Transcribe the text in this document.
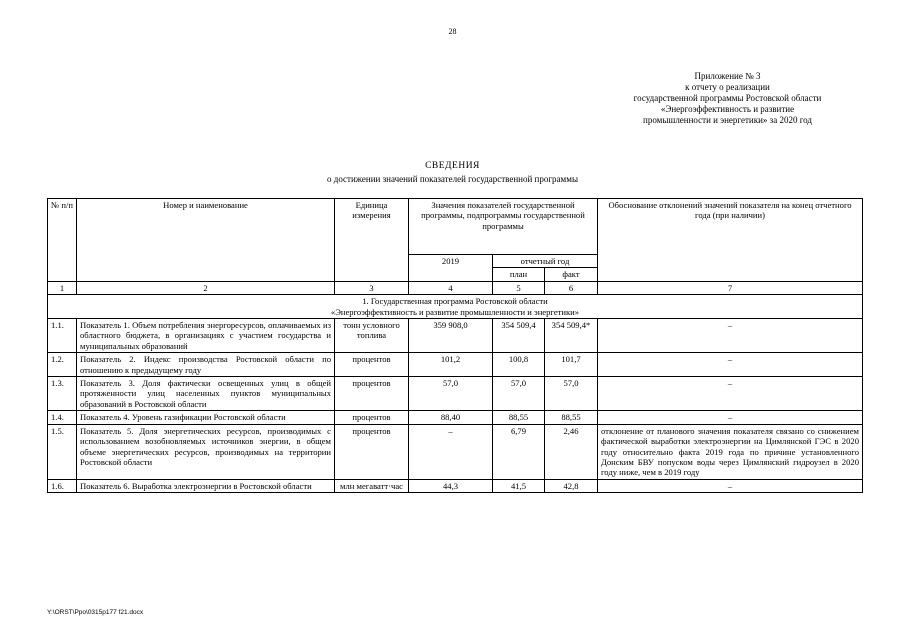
28
Приложение № 3
к отчету о реализации
государственной программы Ростовской области
«Энергоэффективность и развитие
промышленности и энергетики» за 2020 год
СВЕДЕНИЯ
о достижении значений показателей государственной программы
№ п/п	Номер и наименование	Единица измерения	Значения показателей государственной программы, подпрограммы государственной программы			Обоснование отклонений значений показателя на конец отчетного года (при наличии)
			2019	отчетный год		
				план	факт	
1	2	3	4	5	6	7

1. Государственная программа Ростовской области
«Энергоэффективность и развитие промышленности и энергетики»						

1.1.	Показатель 1. Объем потребления энергоресурсов, оплачиваемых из областного бюджета, в организациях с участием государства и муниципальных образований	тонн условного топлива	359 908,0	354 509,4	354 509,4*	–
1.2.	Показатель 2. Индекс производства Ростовской области по отношению к предыдущему году	процентов	101,2	100,8	101,7	–
1.3.	Показатель 3. Доля фактически освещенных улиц в общей протяженности улиц населенных пунктов муниципальных образований в Ростовской области	процентов	57,0	57,0	57,0	–
1.4.	Показатель 4. Уровень газификации Ростовской области	процентов	88,40	88,55	88,55	–
1.5.	Показатель 5. Доля энергетических ресурсов, производимых с использованием возобновляемых источников энергии, в общем объеме энергетических ресурсов, производимых на территории Ростовской области	процентов	–	6,79	2,46	отклонение от планового значения показателя связано со снижением фактической выработки электроэнергии на Цимлянской ГЭС в 2020 году относительно факта 2019 года по причине установленного Донским БВУ попуском воды через Цимлянский гидроузел в 2020 году ниже, чем в 2019 году
1.6.	Показатель 6. Выработка электроэнергии в Ростовской области	млн мегаватт·час	44,3	41,5	42,8	–
Y:\ORST\Ppo\0315p177 f21.docx
